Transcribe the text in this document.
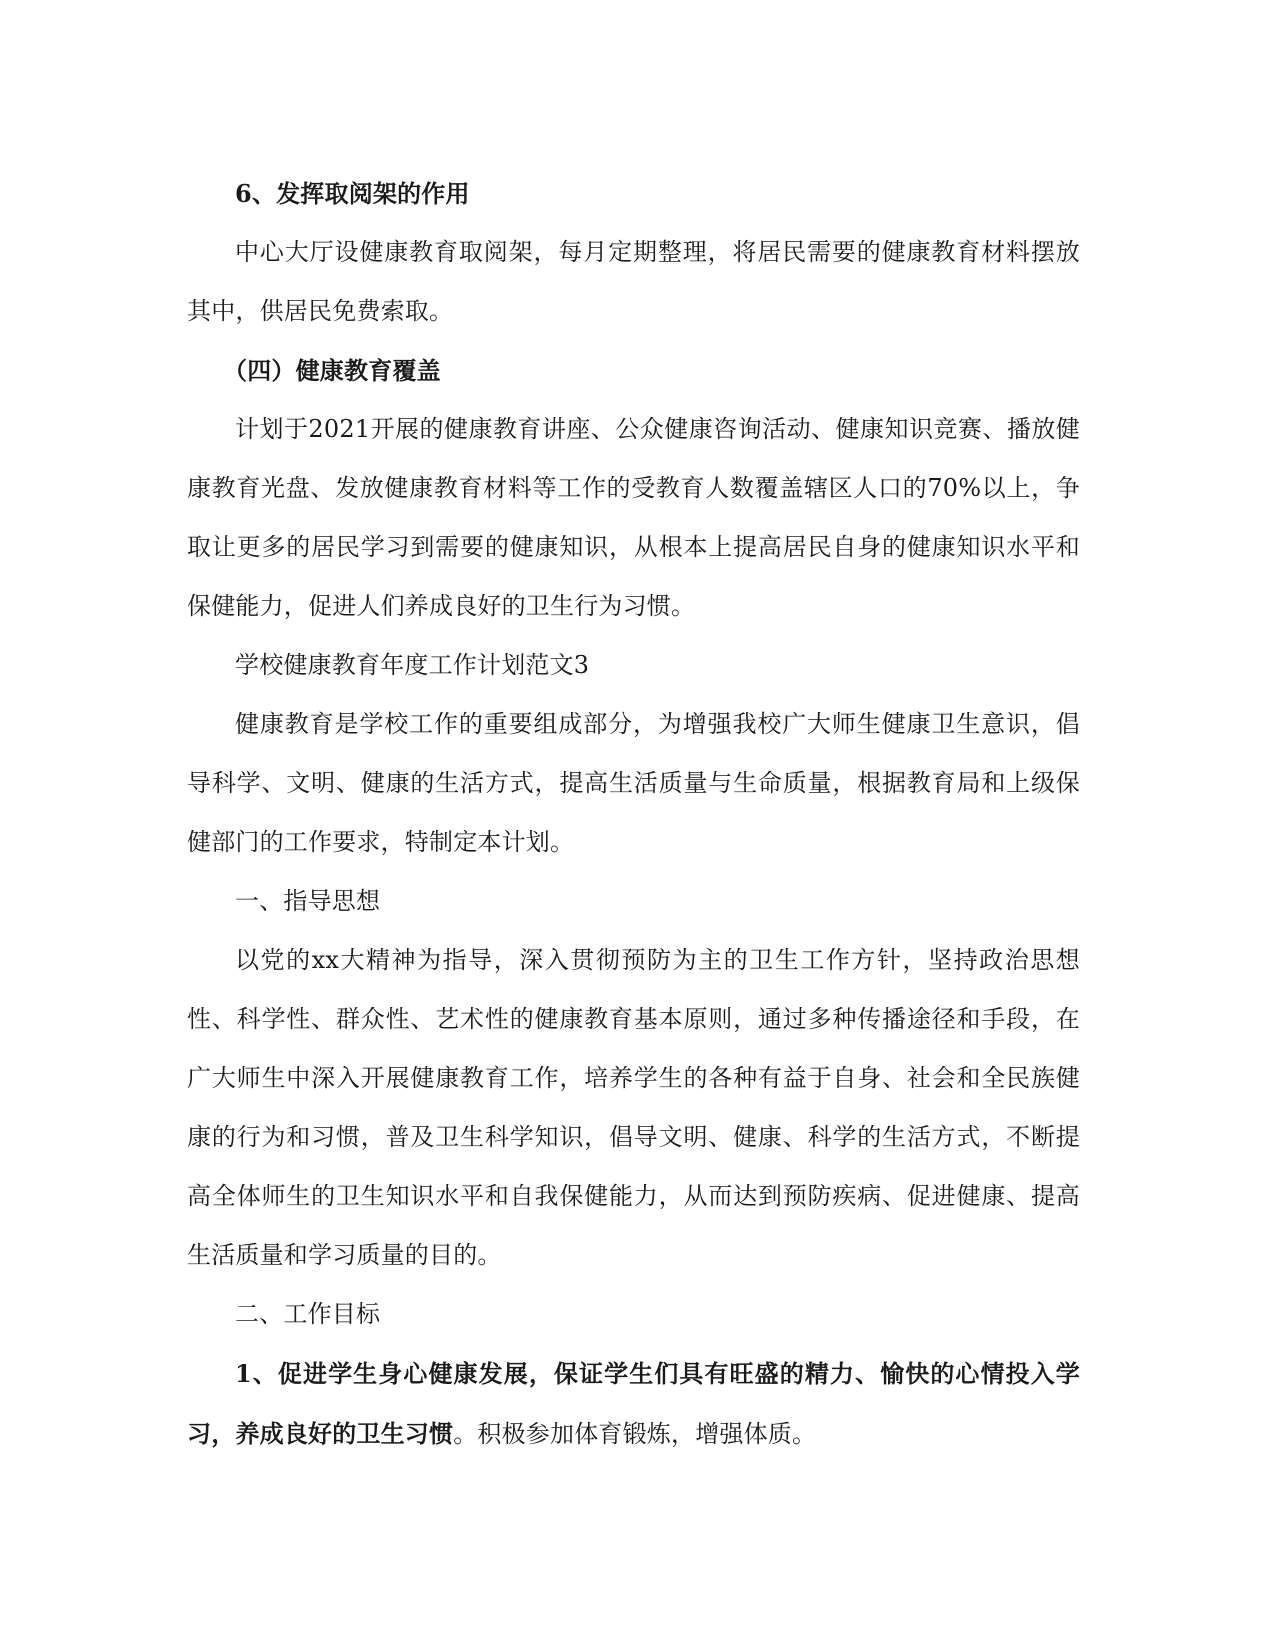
6、发挥取阅架的作用

中心大厅设健康教育取阅架，每月定期整理，将居民需要的健康教育材料摆放其中，供居民免费索取。

（四）健康教育覆盖

计划于2021开展的健康教育讲座、公众健康咨询活动、健康知识竞赛、播放健康教育光盘、发放健康教育材料等工作的受教育人数覆盖辖区人口的70%以上，争取让更多的居民学习到需要的健康知识，从根本上提高居民自身的健康知识水平和保健能力，促进人们养成良好的卫生行为习惯。

学校健康教育年度工作计划范文3

健康教育是学校工作的重要组成部分，为增强我校广大师生健康卫生意识，倡导科学、文明、健康的生活方式，提高生活质量与生命质量，根据教育局和上级保健部门的工作要求，特制定本计划。

一、指导思想

以党的xx大精神为指导，深入贯彻预防为主的卫生工作方针，坚持政治思想性、科学性、群众性、艺术性的健康教育基本原则，通过多种传播途径和手段，在广大师生中深入开展健康教育工作，培养学生的各种有益于自身、社会和全民族健康的行为和习惯，普及卫生科学知识，倡导文明、健康、科学的生活方式，不断提高全体师生的卫生知识水平和自我保健能力，从而达到预防疾病、促进健康、提高生活质量和学习质量的目的。

二、工作目标

1、促进学生身心健康发展，保证学生们具有旺盛的精力、愉快的心情投入学习，养成良好的卫生习惯。积极参加体育锻炼，增强体质。
